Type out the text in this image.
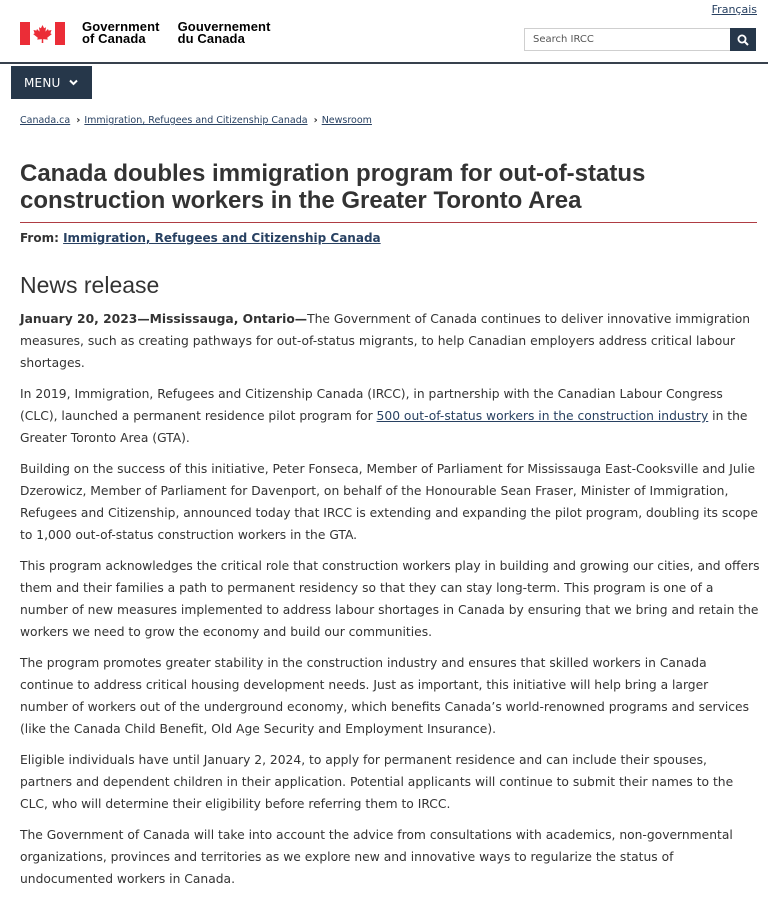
Français
Government
of Canada
Gouvernement
du Canada
Search IRCC
MENU
Canada.ca › Immigration, Refugees and Citizenship Canada › Newsroom
Canada doubles immigration program for out-of-status construction workers in the Greater Toronto Area
From: Immigration, Refugees and Citizenship Canada
News release

January 20, 2023—Mississauga, Ontario—The Government of Canada continues to deliver innovative immigration measures, such as creating pathways for out-of-status migrants, to help Canadian employers address critical labour shortages.

In 2019, Immigration, Refugees and Citizenship Canada (IRCC), in partnership with the Canadian Labour Congress (CLC), launched a permanent residence pilot program for 500 out-of-status workers in the construction industry in the Greater Toronto Area (GTA).

Building on the success of this initiative, Peter Fonseca, Member of Parliament for Mississauga East-Cooksville and Julie Dzerowicz, Member of Parliament for Davenport, on behalf of the Honourable Sean Fraser, Minister of Immigration, Refugees and Citizenship, announced today that IRCC is extending and expanding the pilot program, doubling its scope to 1,000 out-of-status construction workers in the GTA.

This program acknowledges the critical role that construction workers play in building and growing our cities, and offers them and their families a path to permanent residency so that they can stay long-term. This program is one of a number of new measures implemented to address labour shortages in Canada by ensuring that we bring and retain the workers we need to grow the economy and build our communities.

The program promotes greater stability in the construction industry and ensures that skilled workers in Canada continue to address critical housing development needs. Just as important, this initiative will help bring a larger number of workers out of the underground economy, which benefits Canada’s world-renowned programs and services (like the Canada Child Benefit, Old Age Security and Employment Insurance).

Eligible individuals have until January 2, 2024, to apply for permanent residence and can include their spouses, partners and dependent children in their application. Potential applicants will continue to submit their names to the CLC, who will determine their eligibility before referring them to IRCC.

The Government of Canada will take into account the advice from consultations with academics, non-governmental organizations, provinces and territories as we explore new and innovative ways to regularize the status of undocumented workers in Canada.
